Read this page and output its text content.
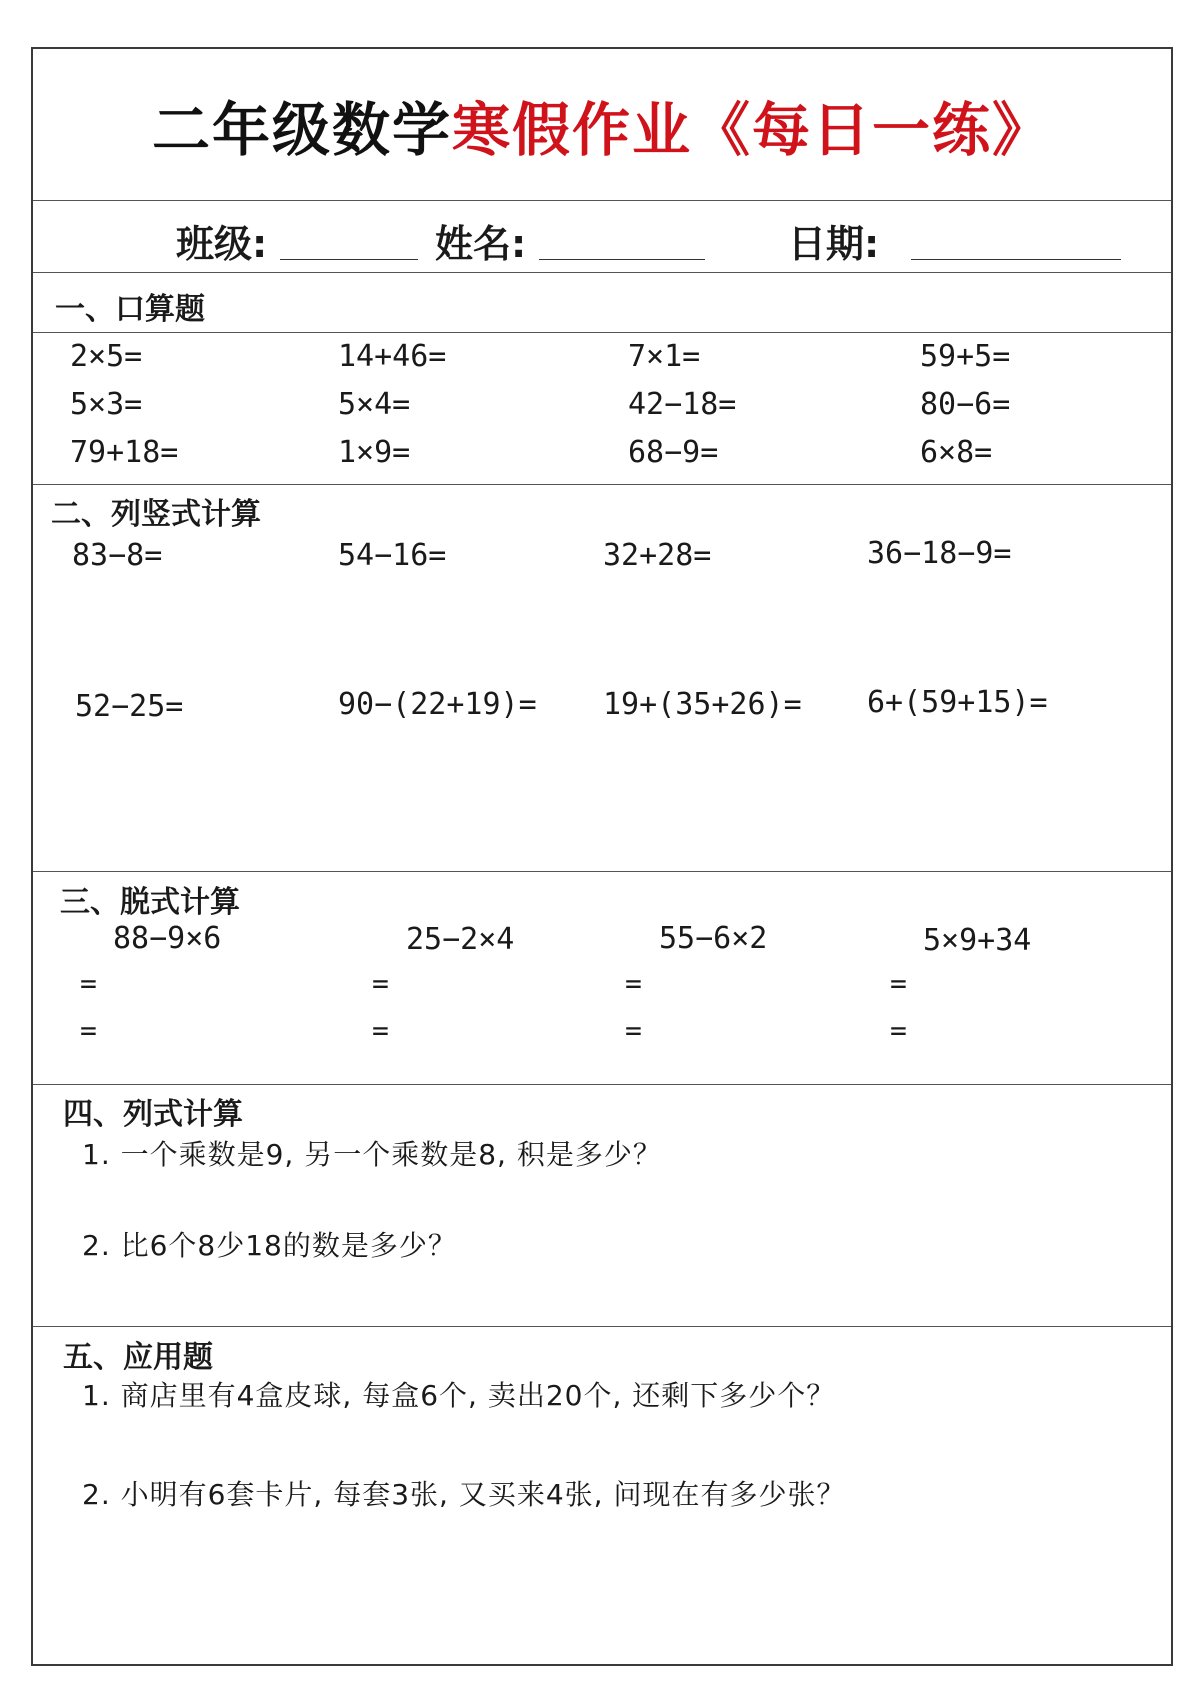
二年级数学寒假作业《每日一练》
班级:	姓名:	日期:
一、口算题
2×5=	14+46=	7×1=	59+5=
5×3=	5×4=	42−18=	80−6=
79+18=	1×9=	68−9=	6×8=
二、列竖式计算
83−8=	54−16=	32+28=	36−18−9=
52−25=	90−(22+19)= 19+(35+26)= 6+(59+15)=
三、脱式计算
88−9×6	25−2×4	55−6×2	5×9+34
=	=	=	=
=	=	=	=
四、列式计算
1. 一个乘数是9, 另一个乘数是8, 积是多少？
2. 比6个8少18的数是多少？
五、应用题
1. 商店里有4盒皮球, 每盒6个, 卖出20个, 还剩下多少个？
2. 小明有6套卡片, 每套3张, 又买来4张, 问现在有多少张？
